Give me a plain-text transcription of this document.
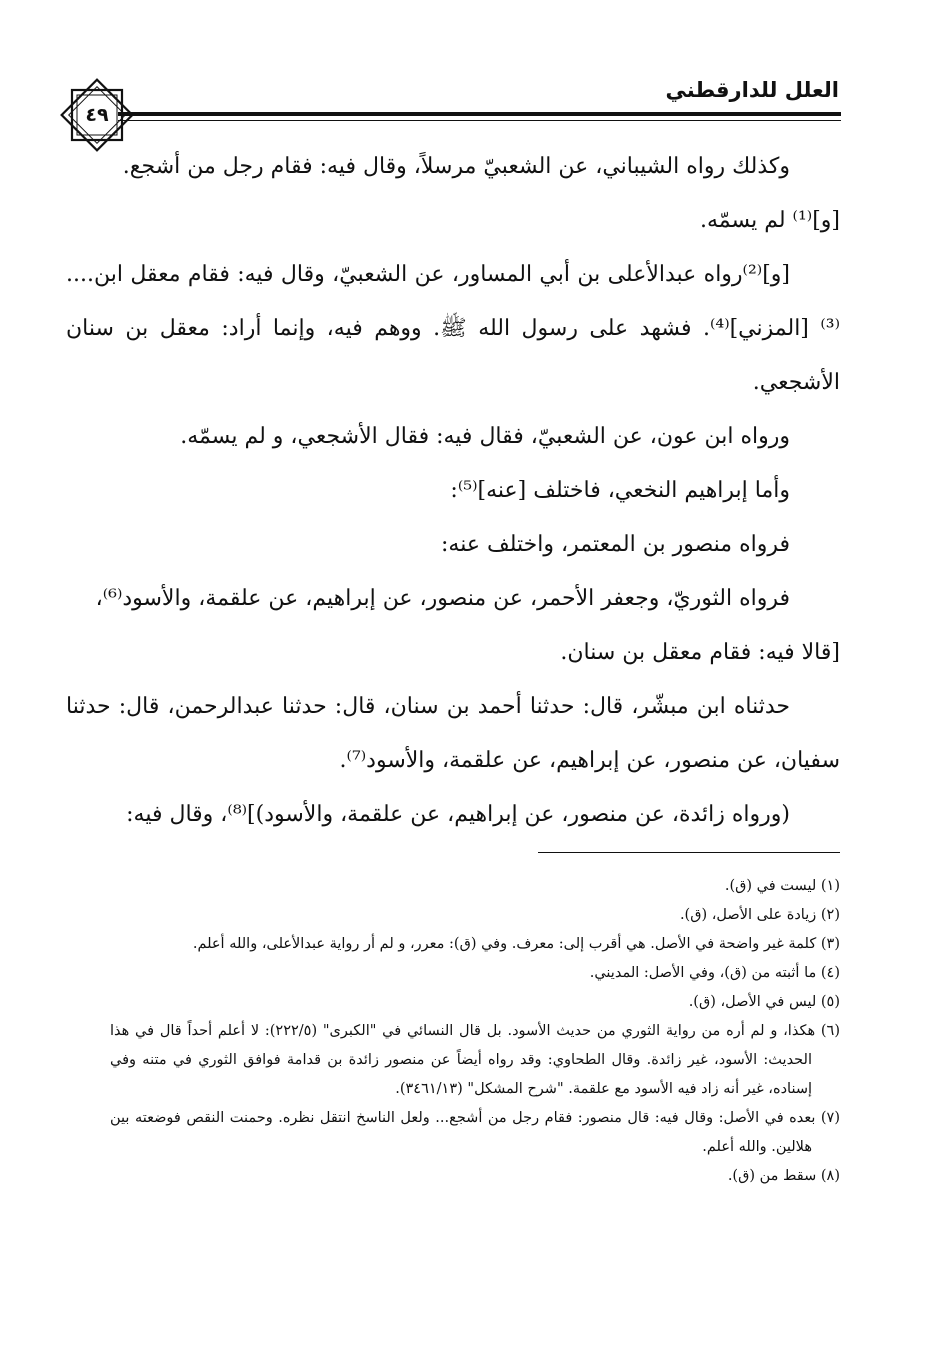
العلل للدارقطني
٤٩

وكذلك رواه الشيباني، عن الشعبيّ مرسلاً، وقال فيه: فقام رجل من أشجع.

[و]⁽¹⁾ لم يسمّه.

[و]⁽²⁾رواه عبدالأعلى بن أبي المساور، عن الشعبيّ، وقال فيه: فقام معقل ابن....⁽³⁾ [المزني]⁽⁴⁾. فشهد على رسول الله ﷺ. ووهم فيه، وإنما أراد: معقل بن سنان الأشجعي.

ورواه ابن عون، عن الشعبيّ، فقال فيه: فقال الأشجعي، و لم يسمّه.

وأما إبراهيم النخعي، فاختلف [عنه]⁽⁵⁾:

فرواه منصور بن المعتمر، واختلف عنه:

فرواه الثوريّ، وجعفر الأحمر، عن منصور، عن إبراهيم، عن علقمة، والأسود⁽⁶⁾،

[قالا فيه: فقام معقل بن سنان.

حدثناه ابن مبشّر، قال: حدثنا أحمد بن سنان، قال: حدثنا عبدالرحمن، قال: حدثنا سفيان، عن منصور، عن إبراهيم، عن علقمة، والأسود⁽⁷⁾.

(ورواه زائدة، عن منصور، عن إبراهيم، عن علقمة، والأسود)]⁽⁸⁾، وقال فيه:

(١) ليست في (ق).

(٢) زيادة على الأصل، (ق).

(٣) كلمة غير واضحة في الأصل. هي أقرب إلى: معرف. وفي (ق): معرر، و لم أر رواية عبدالأعلى، والله أعلم.

(٤) ما أثبته من (ق)، وفي الأصل: المديني.

(٥) ليس في الأصل، (ق).

(٦) هكذا، و لم أره من رواية الثوري من حديث الأسود. بل قال النسائي في "الكبرى" (٢٢٢/٥): لا أعلم أحداً قال في هذا الحديث: الأسود، غير زائدة. وقال الطحاوي: وقد رواه أيضاً عن منصور زائدة بن قدامة فوافق الثوري في متنه وفي إسناده، غير أنه زاد فيه الأسود مع علقمة. "شرح المشكل" (٣٤٦١/١٣).

(٧) بعده في الأصل: وقال فيه: قال منصور: فقام رجل من أشجع... ولعل الناسخ انتقل نظره. وحمنت النقص فوضعته بين هلالين. والله أعلم.

(٨) سقط من (ق).
